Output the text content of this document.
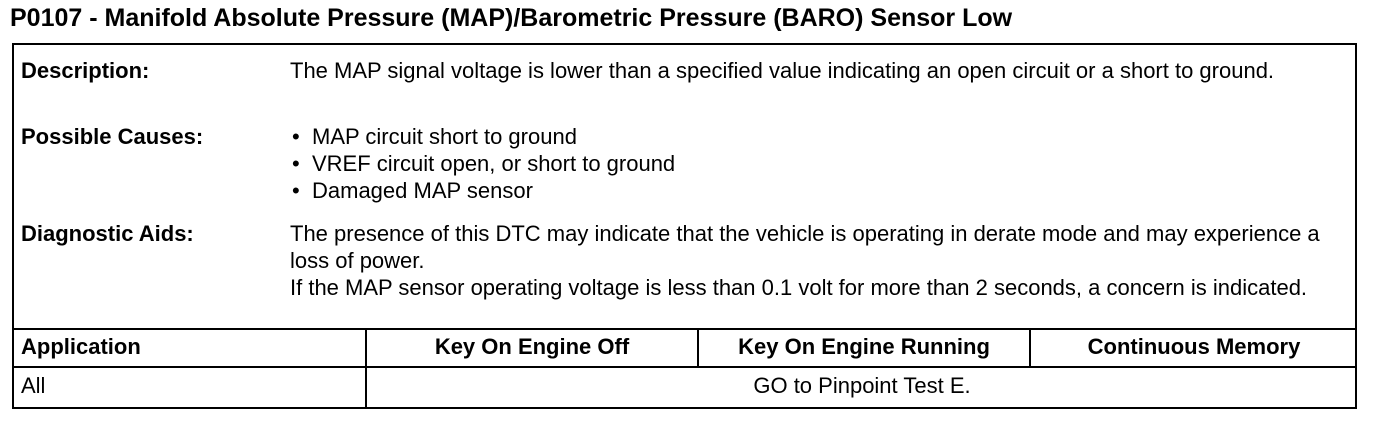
P0107 - Manifold Absolute Pressure (MAP)/Barometric Pressure (BARO) Sensor Low
Description:	The MAP signal voltage is lower than a specified value indicating an open circuit or a short to ground.

Possible Causes:
•	MAP circuit short to ground
• VREF circuit open, or short to ground
• Damaged MAP sensor
Diagnostic Aids:	The presence of this DTC may indicate that the vehicle is operating in derate mode and may experience a loss of power.

If the MAP sensor operating voltage is less than 0.1 volt for more than 2 seconds, a concern is indicated.

Application	Key On Engine Off	Key On Engine Running	Continuous Memory
All	GO to Pinpoint Test E.
